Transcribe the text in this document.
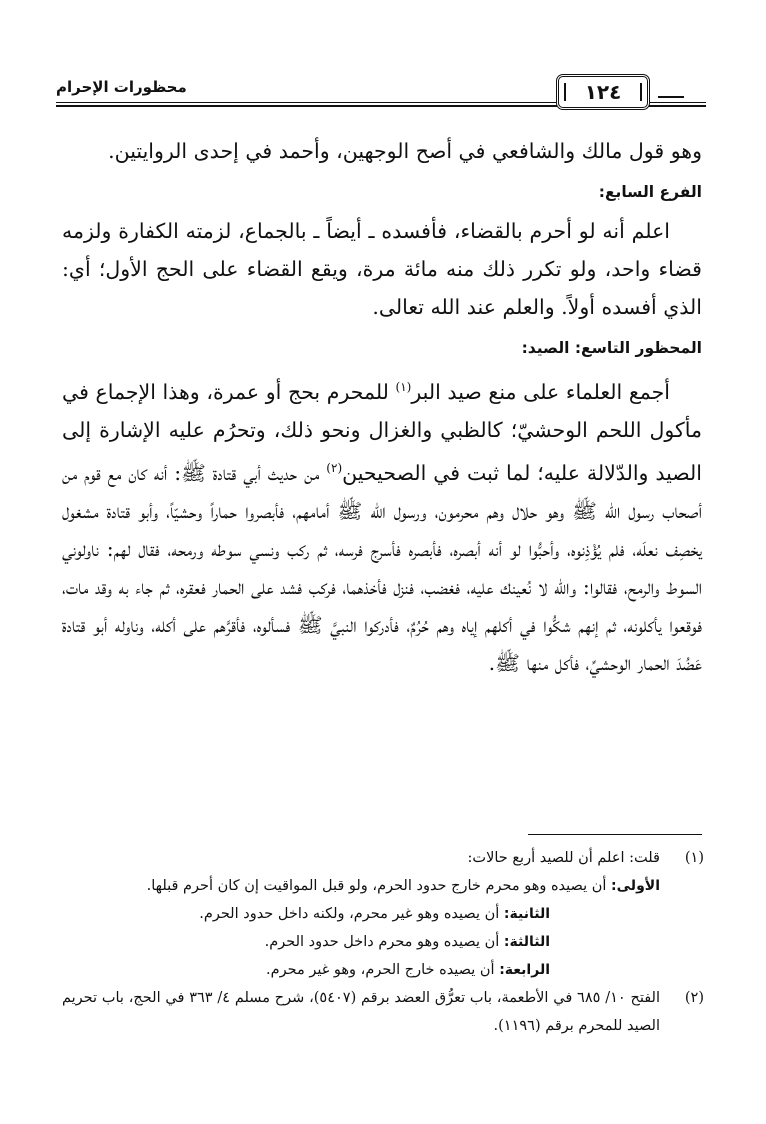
١٢٤
محظورات الإحرام

وهو قول مالك والشافعي في أصح الوجهين، وأحمد في إحدى الروايتين.

الفرع السابع:

اعلم أنه لو أحرم بالقضاء، فأفسده ـ أيضاً ـ بالجماع، لزمته الكفارة ولزمه قضاء واحد، ولو تكرر ذلك منه مائة مرة، ويقع القضاء على الحج الأول؛ أي: الذي أفسده أولاً. والعلم عند الله تعالى.

المحظور التاسع: الصيد:

أجمع العلماء على منع صيد البر$^{(١)}$ للمحرم بحج أو عمرة، وهذا الإجماع في مأكول اللحم الوحشيّ؛ كالظبي والغزال ونحو ذلك، وتحرُم عليه الإشارة إلى الصيد والدّلالة عليه؛ لما ثبت في الصحيحين$^{(٢)}$ من حديث أبي قتادة ﷺ: أنه كان مع قوم من أصحاب رسول الله ﷺ وهو حلال وهم محرمون، ورسول الله ﷺ أمامهم، فأبصروا حماراً وحشيّاً، وأبو قتادة مشغول يخصِف نعلَه، فلم يُؤْذِنوه، وأحبُّوا لو أنه أبصره، فأبصره فأسرج فرسه، ثم ركب ونسي سوطه ورمحه، فقال لهم: ناولوني السوط والرمح، فقالوا: والله لا نُعينك عليه، فغضب، فنزل فأخذهما، فركب فشد على الحمار فعقره، ثم جاء به وقد مات، فوقعوا يأكلونه، ثم إنهم شكُّوا في أكلهم إياه وهم حُرُمٌ، فأدركوا النبيَّ ﷺ فسألوه، فأقرَّهم على أكله، وناوله أبو قتادة عَضُدَ الحمار الوحشيِّ، فأكل منها ﷺ.

(١)
قلت: اعلم أن للصيد أربع حالات:
الأولى: أن يصيده وهو محرم خارج حدود الحرم، ولو قبل المواقيت إن كان أحرم قبلها.
الثانية: أن يصيده وهو غير محرم، ولكنه داخل حدود الحرم.
الثالثة: أن يصيده وهو محرم داخل حدود الحرم.
الرابعة: أن يصيده خارج الحرم، وهو غير محرم.
(٢)
الفتح ١٠/ ٦٨٥ في الأطعمة، باب تعرُّق العضد برقم (٥٤٠٧)، شرح مسلم ٤/ ٣٦٣ في الحج، باب تحريم الصيد للمحرم برقم (١١٩٦).
